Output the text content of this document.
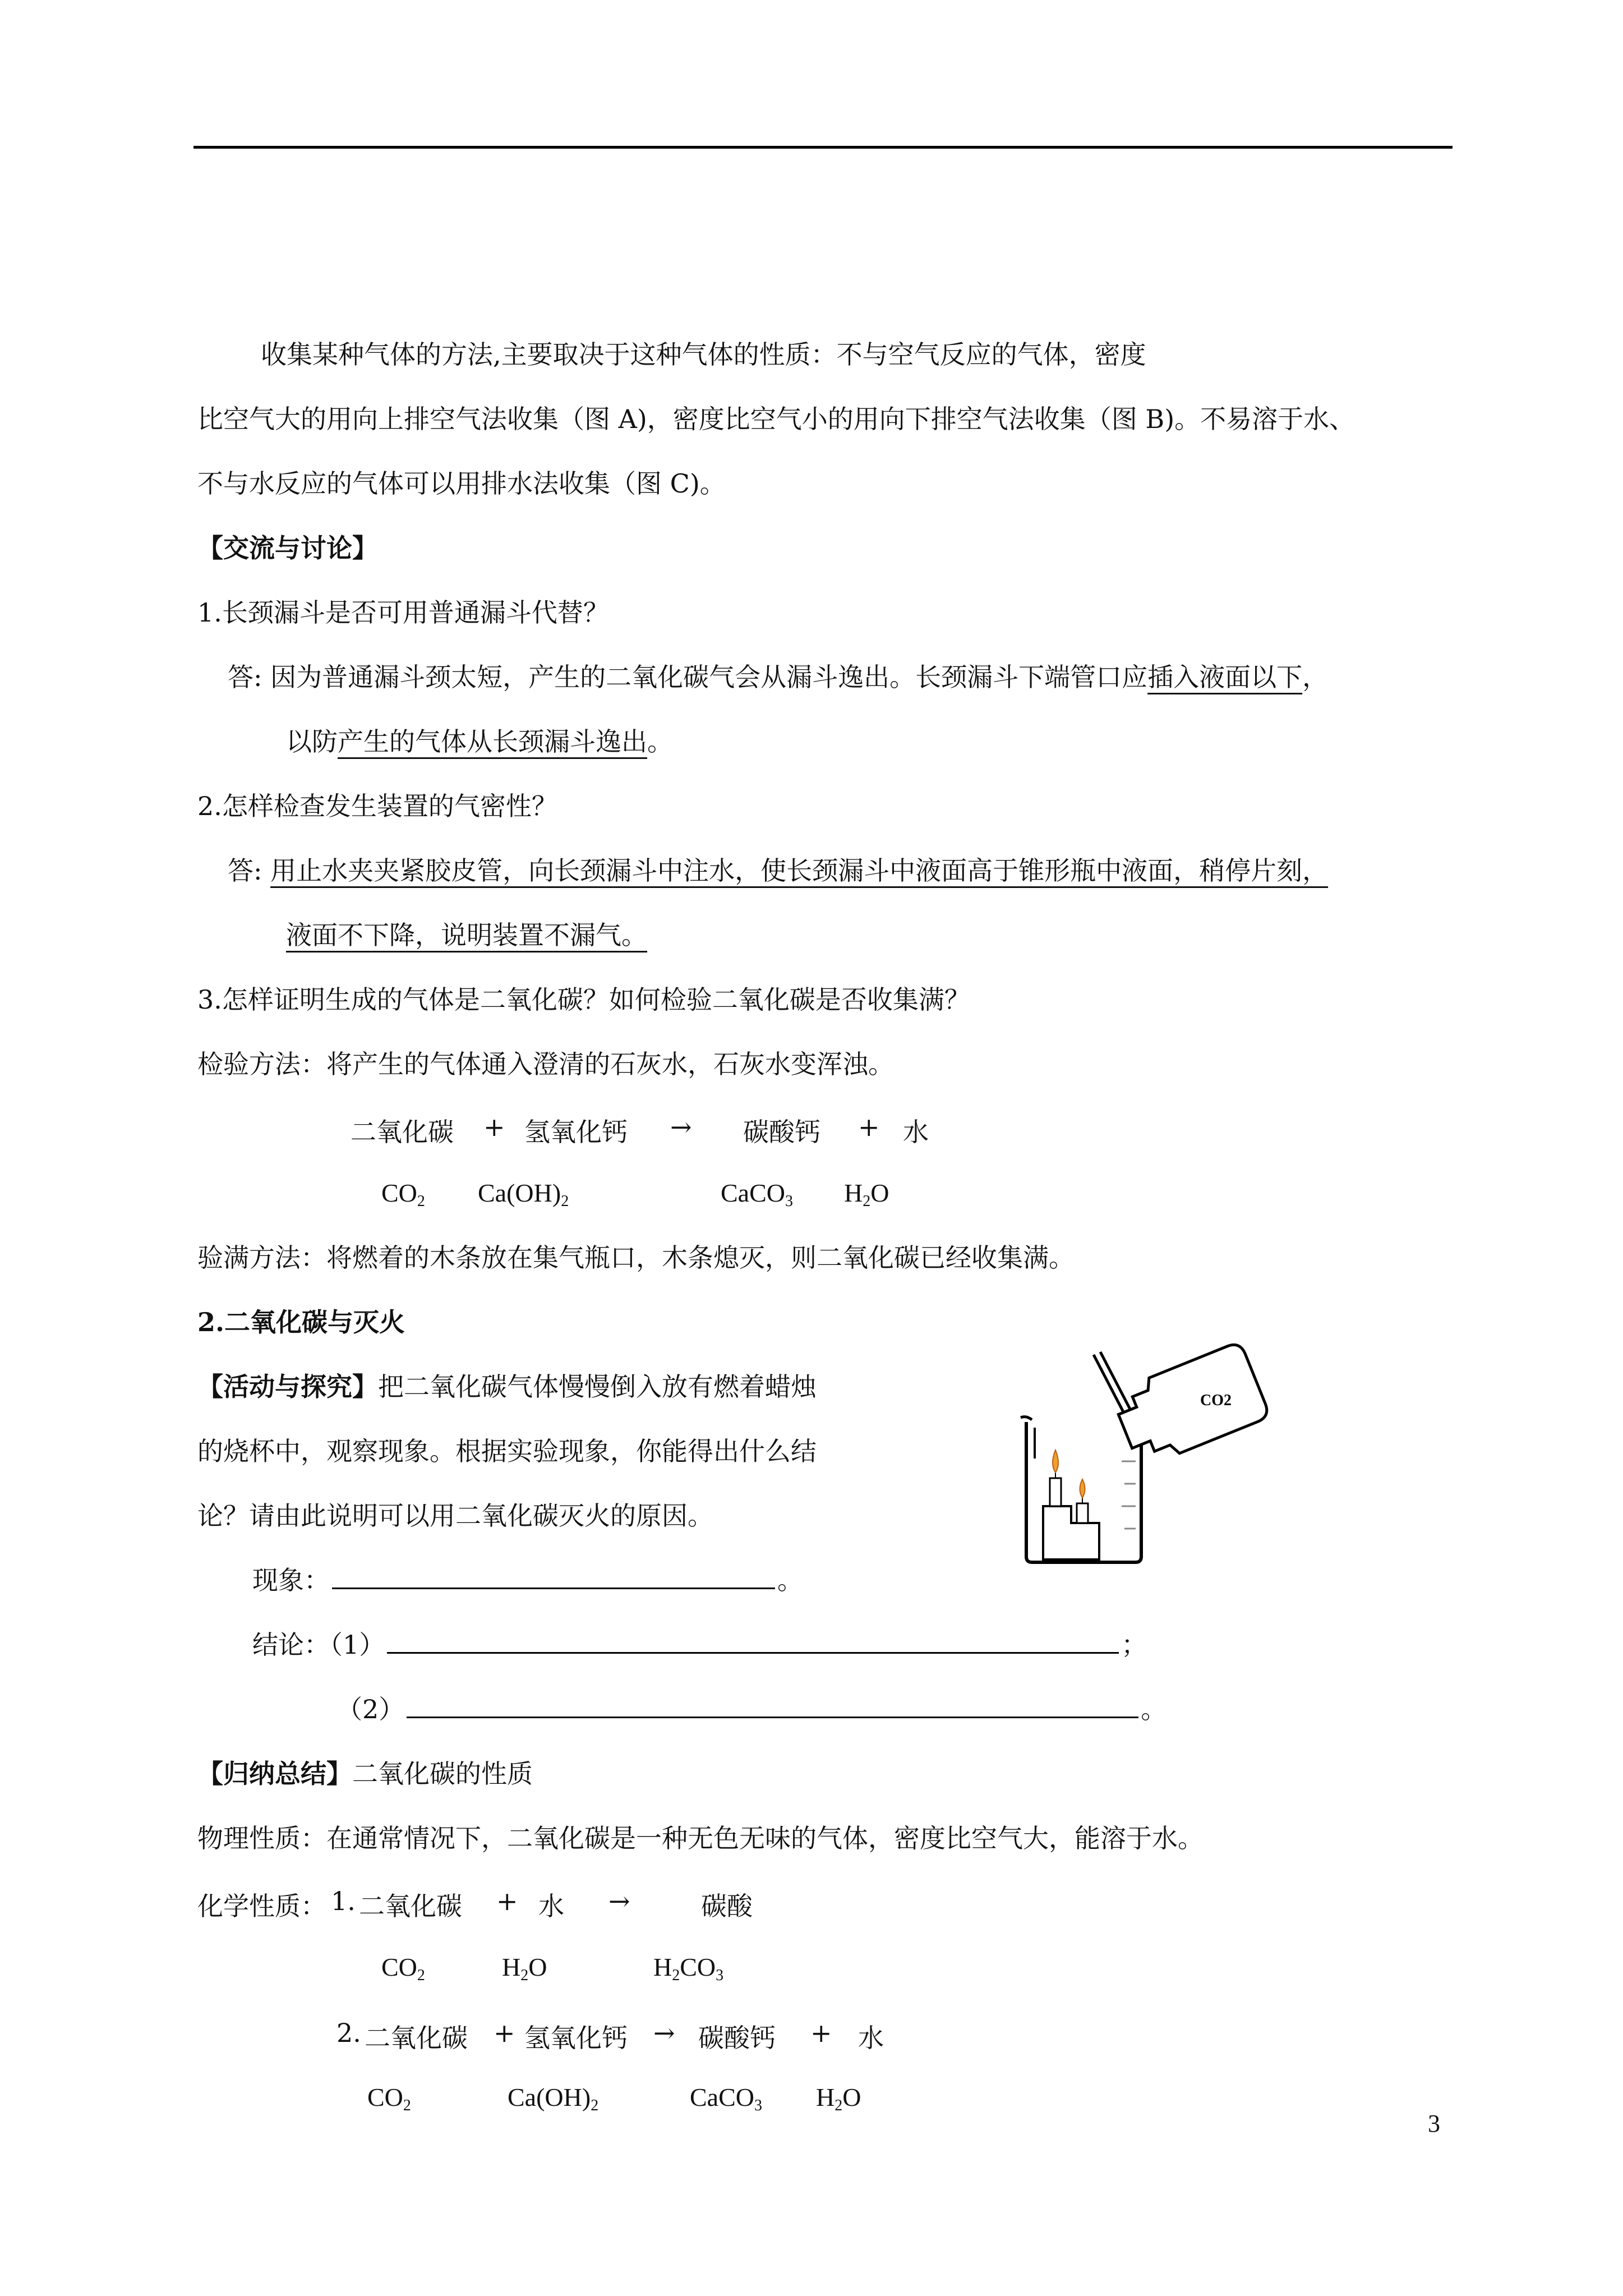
收集某种气体的方法,主要取决于这种气体的性质：不与空气反应的气体，密度
比空气大的用向上排空气法收集（图 A)，密度比空气小的用向下排空气法收集（图 B)。不易溶于水、
不与水反应的气体可以用排水法收集（图 C)。
【交流与讨论】
1.长颈漏斗是否可用普通漏斗代替？
答: 因为普通漏斗颈太短，产生的二氧化碳气会从漏斗逸出。长颈漏斗下端管口应插入液面以下，
以防产生的气体从长颈漏斗逸出。
2.怎样检查发生装置的气密性？
答: 用止水夹夹紧胶皮管，向长颈漏斗中注水，使长颈漏斗中液面高于锥形瓶中液面，稍停片刻，
液面不下降，说明装置不漏气。
3.怎样证明生成的气体是二氧化碳？如何检验二氧化碳是否收集满？
检验方法：将产生的气体通入澄清的石灰水，石灰水变浑浊。
二氧化碳 + 氢氧化钙 → 碳酸钙 + 水
$CO_2$ $Ca(OH)_2$	CaCO$_3$ $H_2O$
验满方法：将燃着的木条放在集气瓶口，木条熄灭，则二氧化碳已经收集满。
2.二氧化碳与灭火
【活动与探究】把二氧化碳气体慢慢倒入放有燃着蜡烛
的烧杯中，观察现象。根据实验现象，你能得出什么结
论？请由此说明可以用二氧化碳灭火的原因。
CO2
现象：	。
结论：（1）	；
（2）	。
【归纳总结】二氧化碳的性质
物理性质：在通常情况下，二氧化碳是一种无色无味的气体，密度比空气大，能溶于水。
化学性质： 1. 二氧化碳 + 水 →	碳酸
$CO_2$	$H_2O$	$H_2CO_3$
2. 二氧化碳 + 氢氧化钙 → 碳酸钙 + 水
$CO_2$	$Ca(OH)_2$	CaCO$_3$ $H_2O$
3
